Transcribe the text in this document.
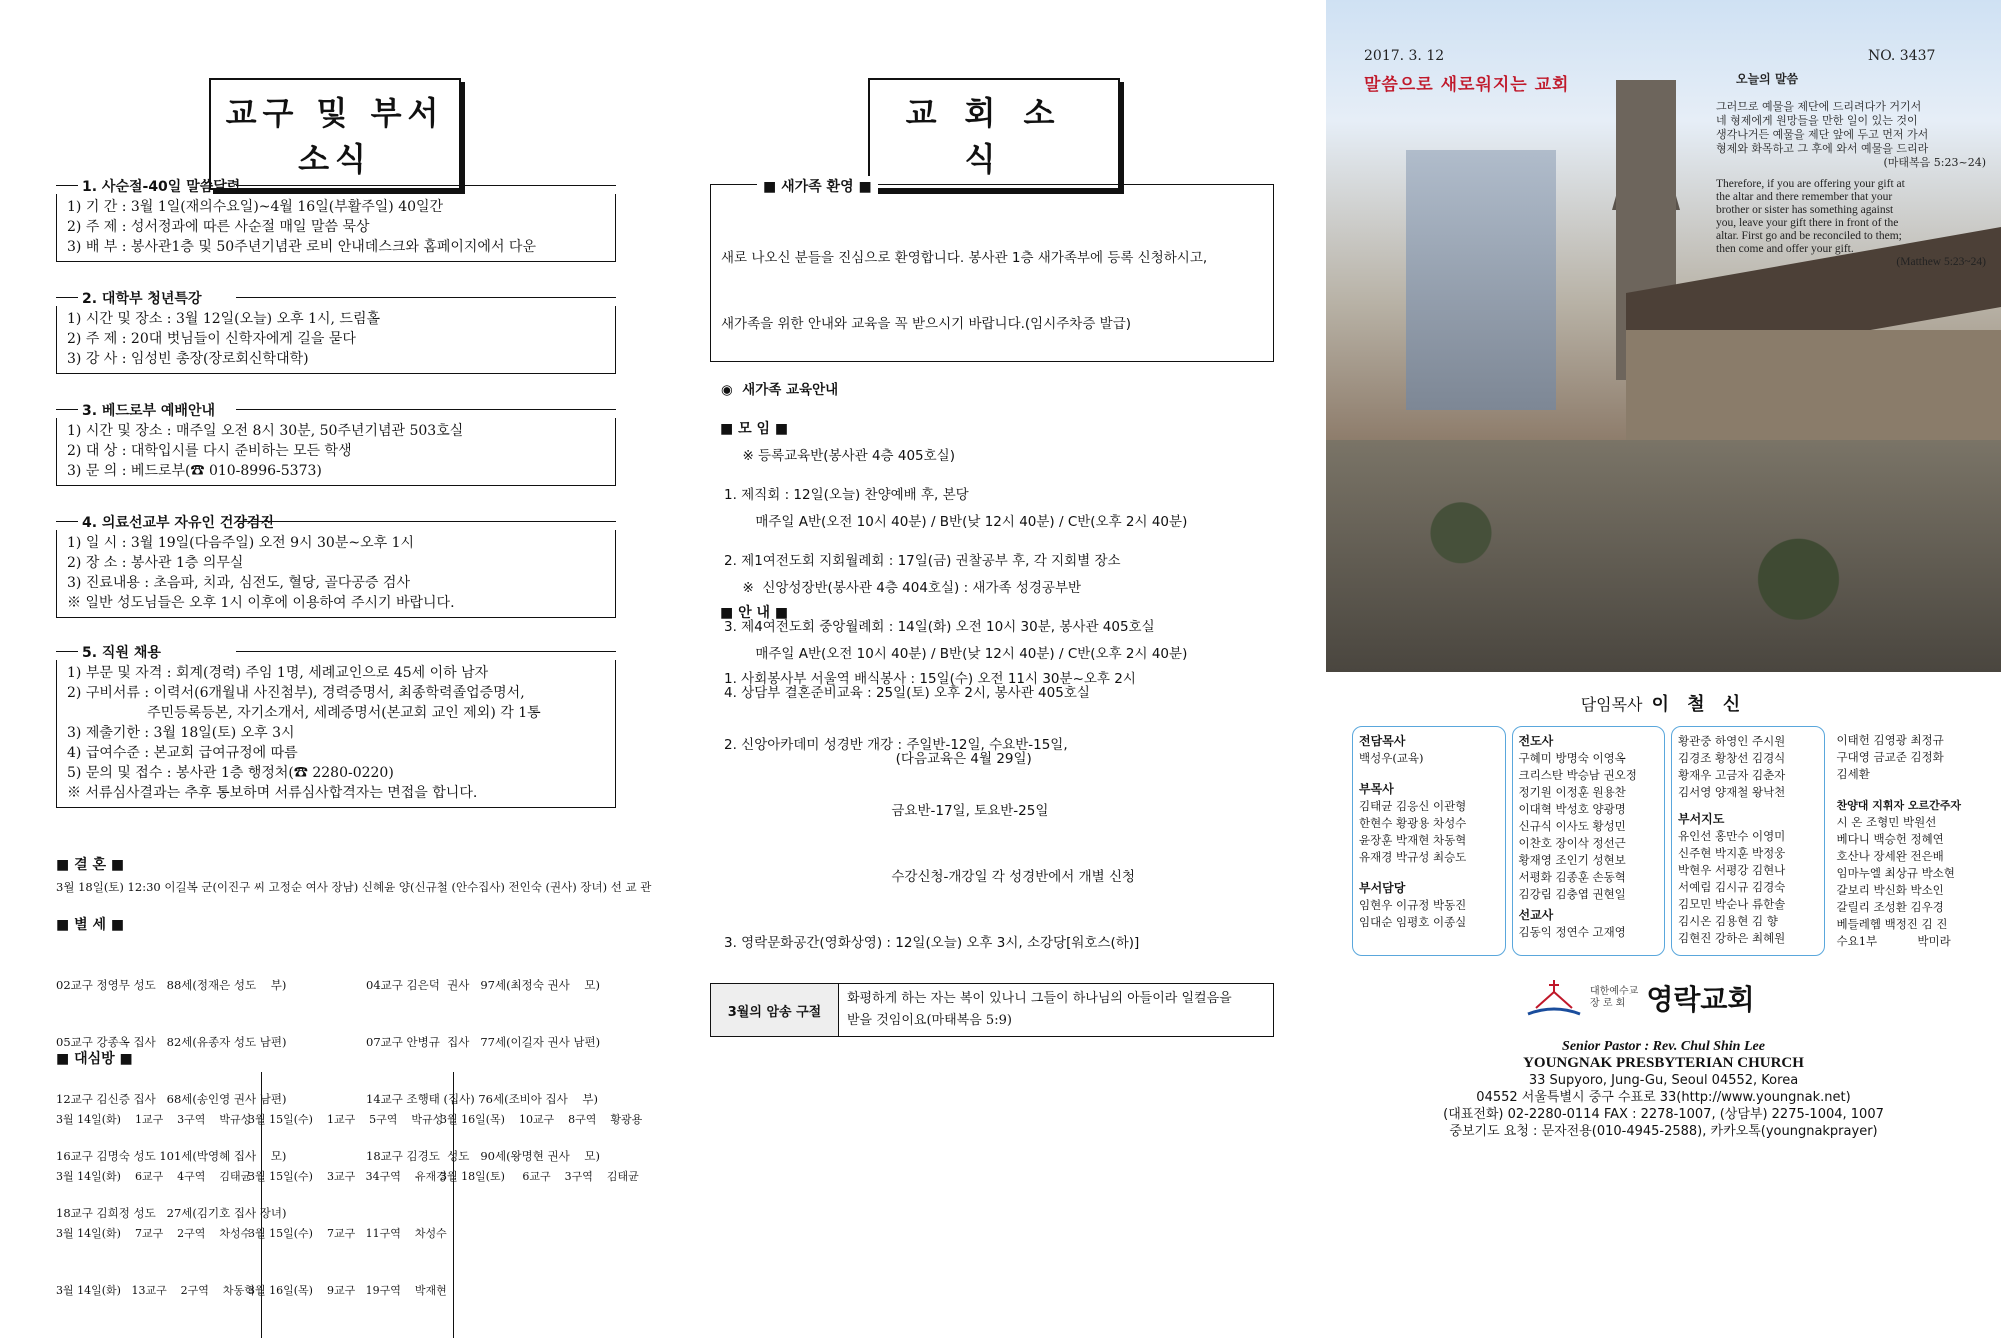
교구 및 부서소식
1. 사순절-40일 말씀달력
1) 기 간 : 3월 1일(재의수요일)~4월 16일(부활주일) 40일간
2) 주 제 : 성서정과에 따른 사순절 매일 말씀 묵상
3) 배 부 : 봉사관1층 및 50주년기념관 로비 안내데스크와 홈페이지에서 다운
2. 대학부 청년특강
1) 시간 및 장소 : 3월 12일(오늘) 오후 1시, 드림홀
2) 주 제 : 20대 벗님들이 신학자에게 길을 묻다
3) 강 사 : 임성빈 총장(장로회신학대학)
3. 베드로부 예배안내
1) 시간 및 장소 : 매주일 오전 8시 30분, 50주년기념관 503호실
2) 대 상 : 대학입시를 다시 준비하는 모든 학생
3) 문 의 : 베드로부(☎ 010-8996-5373)
4. 의료선교부 자유인 건강검진
1) 일 시 : 3월 19일(다음주일) 오전 9시 30분~오후 1시
2) 장 소 : 봉사관 1층 의무실
3) 진료내용 : 초음파, 치과, 심전도, 혈당, 골다공증 검사
※ 일반 성도님들은 오후 1시 이후에 이용하여 주시기 바랍니다.
5. 직원 채용
1) 부문 및 자격 : 회계(경력) 주임 1명, 세례교인으로 45세 이하 남자
2) 구비서류 : 이력서(6개월내 사진첨부), 경력증명서, 최종학력졸업증명서,
주민등록등본, 자기소개서, 세례증명서(본교회 교인 제외) 각 1통
3) 제출기한 : 3월 18일(토) 오후 3시
4) 급여수준 : 본교회 급여규정에 따름
5) 문의 및 접수 : 봉사관 1층 행정처(☎ 2280-0220)
※ 서류심사결과는 추후 통보하며 서류심사합격자는 면접을 합니다.
■ 결 혼 ■
3월 18일(토) 12:30 이길복 군(이진구 씨 고정순 여사 장남) 신혜윤 양(신규철 (안수집사) 전인숙 (권사) 장녀) 선 교 관
■ 별 세 ■

02교구 정영무 성도   88세(정재은 성도    부)

05교구 강종옥 집사   82세(유종자 성도 남편)

12교구 김신증 집사   68세(송인영 권사 남편)

16교구 김명숙 성도 101세(박영혜 집사    모)

18교구 김희정 성도   27세(김기호 집사 장녀)

04교구 김은덕  권사   97세(최정숙 권사    모)

07교구 안병규  집사   77세(이길자 권사 남편)

14교구 조행태 (집사) 76세(조비아 집사    부)

18교구 김경도  성도   90세(왕명현 권사    모)

■ 대심방 ■

3월 14일(화)    1교구    3구역    박규성

3월 14일(화)    6교구    4구역    김태균

3월 14일(화)    7교구    2구역    차성수

3월 14일(화)   13교구    2구역    차동혁

3월 15일(수)    1교구    5구역    박규성

3월 15일(수)    3교구   34구역    유재경

3월 15일(수)    7교구   11구역    차성수

3월 16일(목)    9교구   19구역    박재현

3월 16일(목)    10교구    8구역    황광용

3월 18일(토)     6교구    3구역    김태균

교회소식
■ 새가족 환영 ■

새로 나오신 분들을 진심으로 환영합니다. 봉사관 1층 새가족부에 등록 신청하시고,

새가족을 위한 안내와 교육을 꼭 받으시기 바랍니다.(임시주차증 발급)

◉  새가족 교육안내

※ 등록교육반(봉사관 4층 405호실)

매주일 A반(오전 10시 40분) / B반(낮 12시 40분) / C반(오후 2시 40분)

※  신앙성장반(봉사관 4층 404호실) : 새가족 성경공부반

매주일 A반(오전 10시 40분) / B반(낮 12시 40분) / C반(오후 2시 40분)

■ 모 임 ■

1. 제직회 : 12일(오늘) 찬양예배 후, 본당

2. 제1여전도회 지회월례회 : 17일(금) 권찰공부 후, 각 지회별 장소

3. 제4여전도회 중앙월례회 : 14일(화) 오전 10시 30분, 봉사관 405호실

4. 상담부 결혼준비교육 : 25일(토) 오후 2시, 봉사관 405호실

(다음교육은 4월 29일)

■ 안 내 ■

1. 사회봉사부 서울역 배식봉사 : 15일(수) 오전 11시 30분~오후 2시

2. 신앙아카데미 성경반 개강 : 주일반-12일, 수요반-15일,

금요반-17일, 토요반-25일

수강신청-개강일 각 성경반에서 개별 신청

3. 영락문화공간(영화상영) : 12일(오늘) 오후 3시, 소강당[워호스(하)]

3월의 암송 구절
화평하게 하는 자는 복이 있나니 그들이 하나님의 아들이라 일컬음을
받을 것임이요(마태복음 5:9)
2017. 3. 12	NO. 3437
말씀으로 새로워지는 교회	오늘의 말씀
그러므로 예물을 제단에 드리려다가 거기서
네 형제에게 원망들을 만한 일이 있는 것이
생각나거든 예물을 제단 앞에 두고 먼저 가서
형제와 화목하고 그 후에 와서 예물을 드리라
(마태복음 5:23~24)
Therefore, if you are offering your gift at
the altar and there remember that your
brother or sister has something against
you, leave your gift there in front of the
altar. First go and be reconciled to them;
then come and offer your gift.
(Matthew 5:23~24)
담임목사 이 철 신
전담목사
백성우(교육)
부목사
김태균 김응신 이관형
한현수 황광용 차성수
윤장훈 박재현 차동혁
유재경 박규성 최승도
부서담당
임현우 이규정 박동진
임대순 임평호 이종실
전도사
구혜미 방명숙 이영옥
크리스탄 박승남 권오정
정기원 이정훈 원용찬
이대혁 박성호 양광명
신규식 이사도 황성민
이찬호 장이삭 정선근
황재영 조인기 성현보
서평화 김종훈 손동혁
김강림 김충엽 권현일
선교사
김동익 정연수 고재영
황관중 하영인 주시원
김경조 황창선 김경식
황재우 고금자 김춘자
김서영 양재철 왕낙천
부서지도
유인선 홍만수 이영미
신주현 박지훈 박정웅
박현우 서평강 김현나
서예림 김시규 김경숙
김모민 박순나 류한솔
김시온 김용현 김 향
김현진 강하은 최혜원
이태헌 김영광 최정규
구대영 금교준 김정화
김세환
찬양대 지휘자 오르간주자
시 온 조형민 박원선
베다니 백승헌 정혜연
호산나 장세완 전은배
임마누엘 최상규 박소현
갈보리 박신화 박소인
갈릴리 조성환 김우경
베들레헴 백정진 김 진
수요1부           박미라
대한예수교
장 로 회 영락교회
Senior Pastor : Rev. Chul Shin Lee
YOUNGNAK PRESBYTERIAN CHURCH
33 Supyoro, Jung-Gu, Seoul 04552, Korea
04552 서울특별시 중구 수표로 33(http://www.youngnak.net)
(대표전화) 02-2280-0114 FAX : 2278-1007, (상담부) 2275-1004, 1007
중보기도 요청 : 문자전용(010-4945-2588), 카카오톡(youngnakprayer)
